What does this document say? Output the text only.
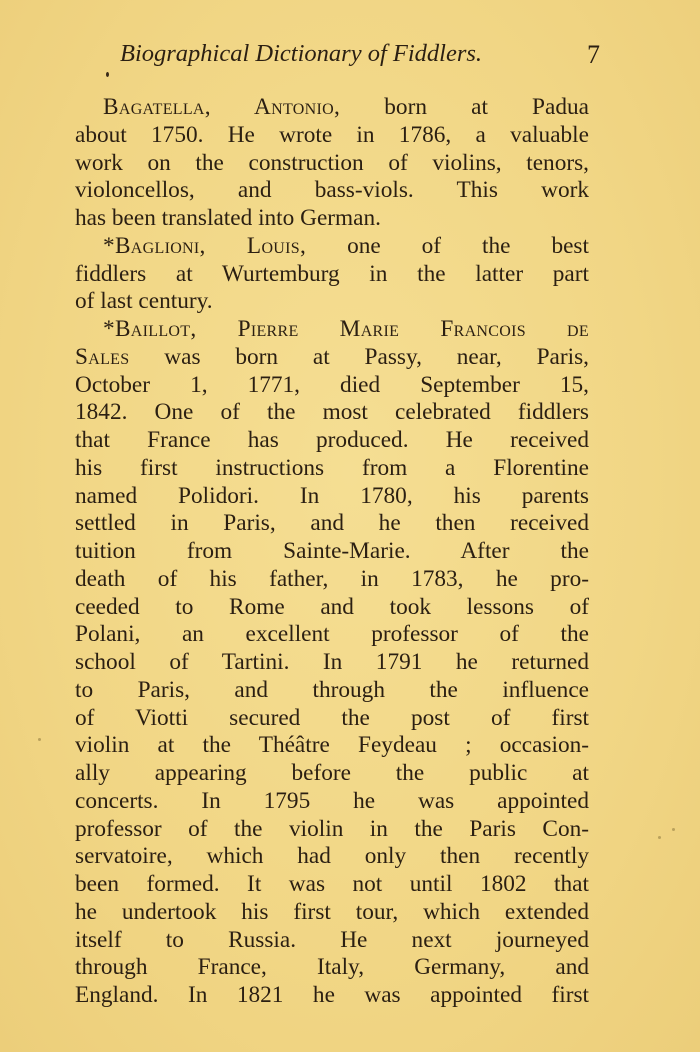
Biographical Dictionary of Fiddlers.	7
Bagatella, Antonio, born at Padua
about 1750. He wrote in 1786, a valuable
work on the construction of violins, tenors,
violoncellos, and bass-viols. This work
has been translated into German.
*Baglioni, Louis, one of the best
fiddlers at Wurtemburg in the latter part
of last century.
*Baillot, Pierre Marie Francois de
Sales was born at Passy, near, Paris,
October 1, 1771, died September 15,
1842. One of the most celebrated fiddlers
that France has produced. He received
his first instructions from a Florentine
named Polidori. In 1780, his parents
settled in Paris, and he then received
tuition from Sainte-Marie. After the
death of his father, in 1783, he pro-
ceeded to Rome and took lessons of
Polani, an excellent professor of the
school of Tartini. In 1791 he returned
to Paris, and through the influence
of Viotti secured the post of first
violin at the Théâtre Feydeau ; occasion-
ally appearing before the public at
concerts. In 1795 he was appointed
professor of the violin in the Paris Con-
servatoire, which had only then recently
been formed. It was not until 1802 that
he undertook his first tour, which extended
itself to Russia. He next journeyed
through France, Italy, Germany, and
England. In 1821 he was appointed first
